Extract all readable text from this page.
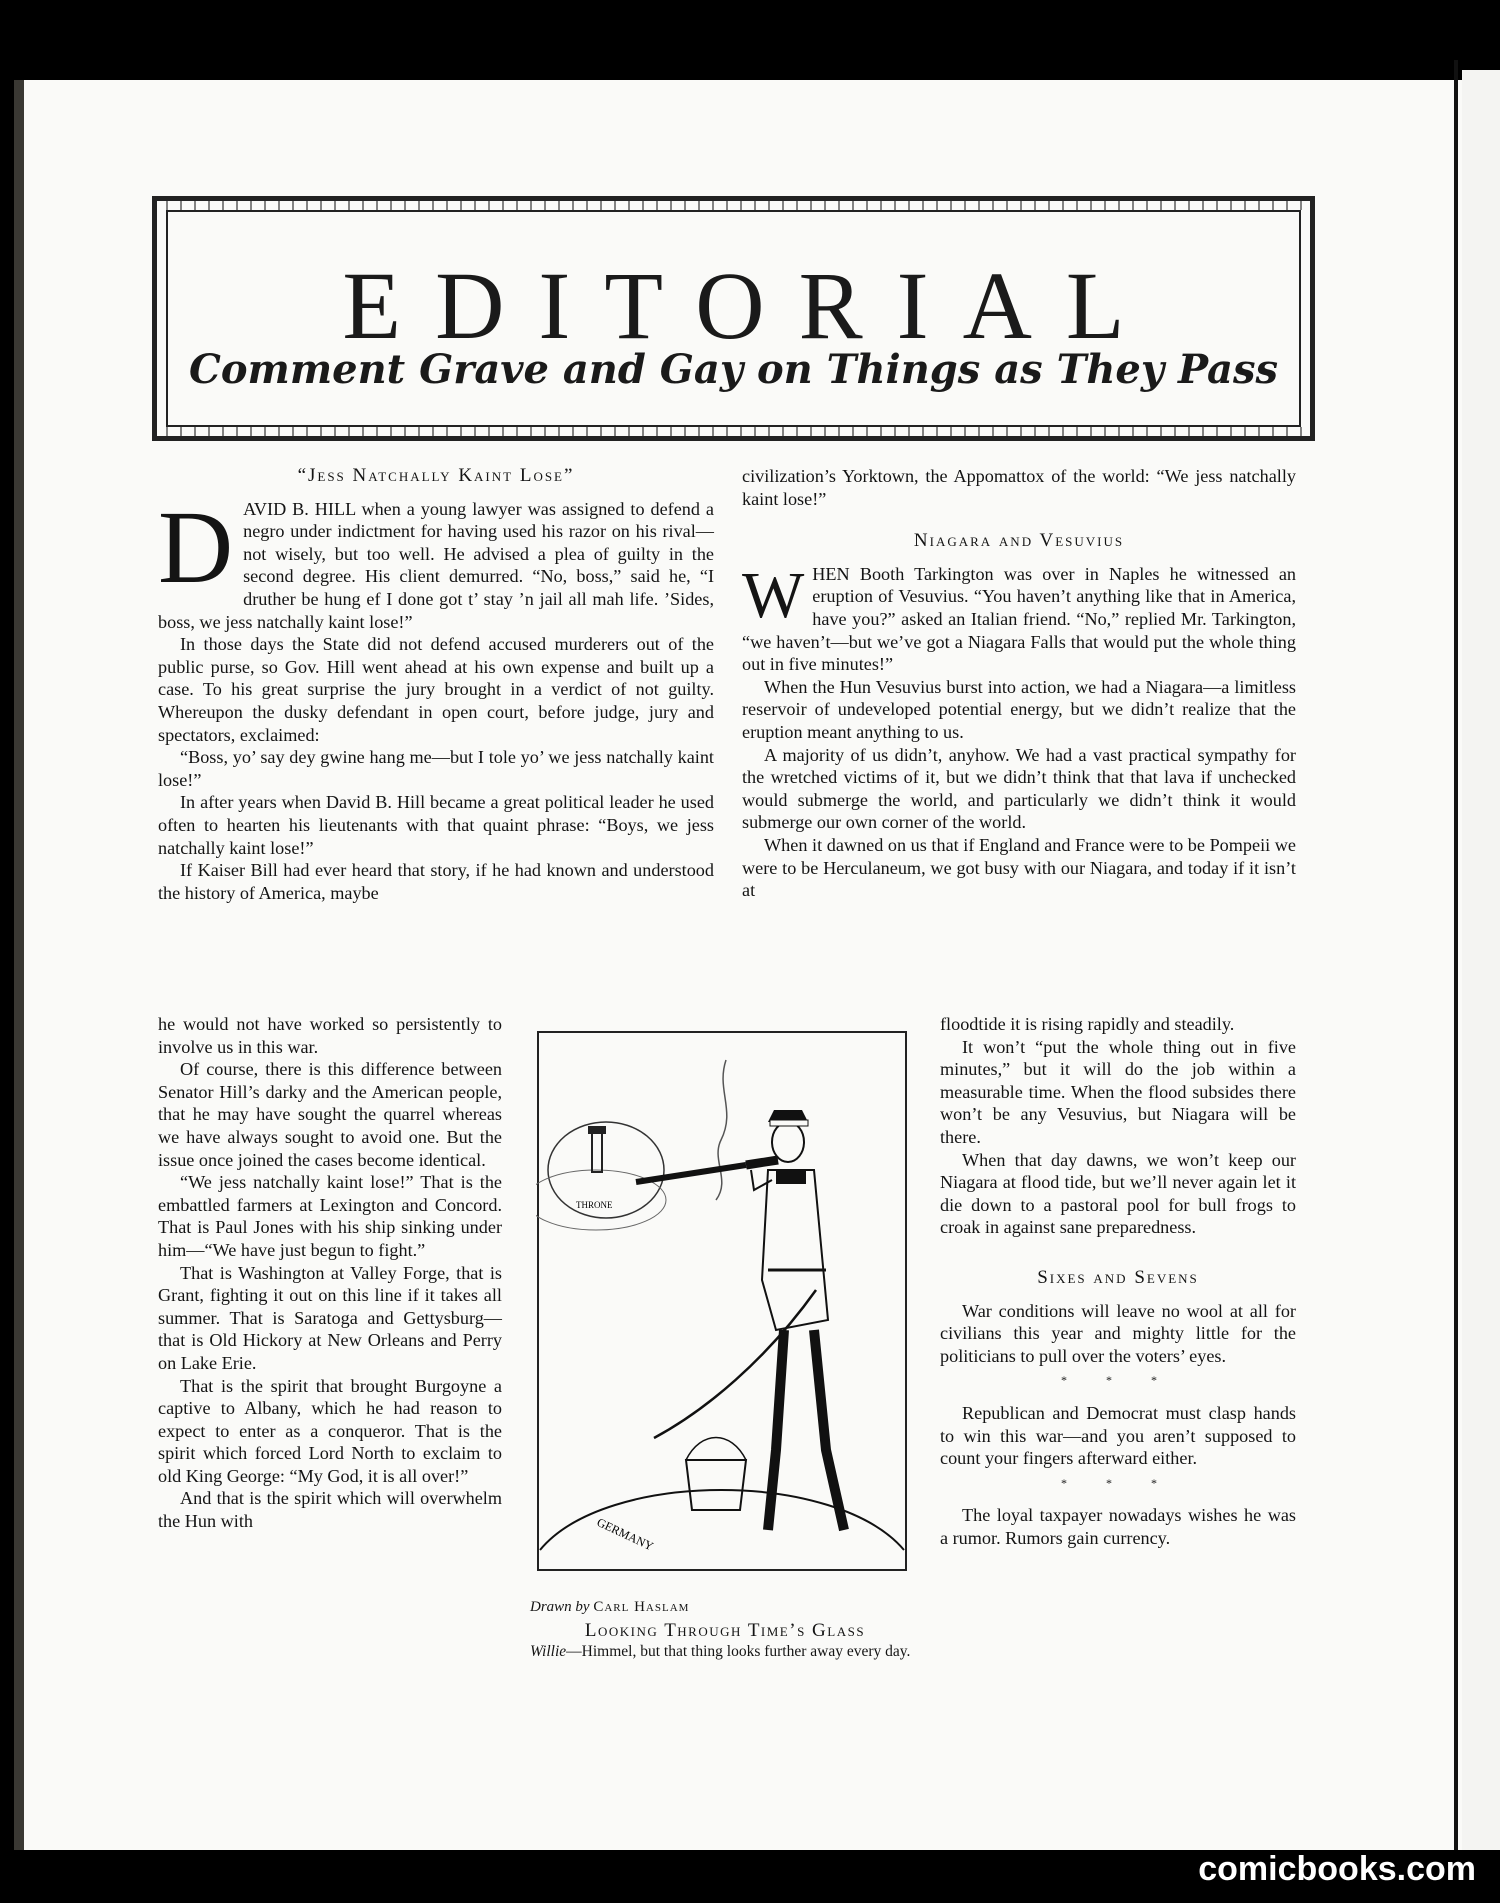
EDITORIAL
Comment Grave and Gay on Things as They Pass
“Jess Natchally Kaint Lose”
D AVID B. HILL when a young lawyer was assigned to defend a negro under indictment for having used his razor on his rival—not wisely, but too well. He advised a plea of guilty in the second degree. His client demurred. “No, boss,” said he, “I druther be hung ef I done got t’ stay ’n jail all mah life. ’Sides, boss, we jess natchally kaint lose!”

In those days the State did not defend accused murderers out of the public purse, so Gov. Hill went ahead at his own expense and built up a case. To his great surprise the jury brought in a verdict of not guilty. Whereupon the dusky defendant in open court, before judge, jury and spectators, exclaimed:

“Boss, yo’ say dey gwine hang me—but I tole yo’ we jess natchally kaint lose!”

In after years when David B. Hill became a great political leader he used often to hearten his lieutenants with that quaint phrase: “Boys, we jess natchally kaint lose!”

If Kaiser Bill had ever heard that story, if he had known and understood the history of America, maybe

he would not have worked so persistently to involve us in this war.

Of course, there is this difference between Senator Hill’s darky and the American people, that he may have sought the quarrel whereas we have always sought to avoid one. But the issue once joined the cases become identical.

“We jess natchally kaint lose!” That is the embattled farmers at Lexington and Concord. That is Paul Jones with his ship sinking under him—“We have just begun to fight.”

That is Washington at Valley Forge, that is Grant, fighting it out on this line if it takes all summer. That is Saratoga and Gettysburg—that is Old Hickory at New Orleans and Perry on Lake Erie.

That is the spirit that brought Burgoyne a captive to Albany, which he had reason to expect to enter as a conqueror. That is the spirit which forced Lord North to exclaim to old King George: “My God, it is all over!”

And that is the spirit which will overwhelm the Hun with

civilization’s Yorktown, the Appomattox of the world: “We jess natchally kaint lose!”

Niagara and Vesuvius
W HEN Booth Tarkington was over in Naples he witnessed an eruption of Vesuvius. “You haven’t anything like that in America, have you?” asked an Italian friend. “No,” replied Mr. Tarkington, “we haven’t—but we’ve got a Niagara Falls that would put the whole thing out in five minutes!”

When the Hun Vesuvius burst into action, we had a Niagara—a limitless reservoir of undeveloped potential energy, but we didn’t realize that the eruption meant anything to us.

A majority of us didn’t, anyhow. We had a vast practical sympathy for the wretched victims of it, but we didn’t think that that lava if unchecked would submerge the world, and particularly we didn’t think it would submerge our own corner of the world.

When it dawned on us that if England and France were to be Pompeii we were to be Herculaneum, we got busy with our Niagara, and today if it isn’t at

floodtide it is rising rapidly and steadily.

It won’t “put the whole thing out in five minutes,” but it will do the job within a measurable time. When the flood subsides there won’t be any Vesuvius, but Niagara will be there.

When that day dawns, we won’t keep our Niagara at flood tide, but we’ll never again let it die down to a pastoral pool for bull frogs to croak in against sane preparedness.

Sixes and Sevens

War conditions will leave no wool at all for civilians this year and mighty little for the politicians to pull over the voters’ eyes.

* * *

Republican and Democrat must clasp hands to win this war—and you aren’t supposed to count your fingers afterward either.

* * *

The loyal taxpayer nowadays wishes he was a rumor. Rumors gain currency.

THRONE
GERMANY
Drawn by Carl Haslam
Looking Through Time’s Glass
Willie—Himmel, but that thing looks further away every day.
comicbooks.com
